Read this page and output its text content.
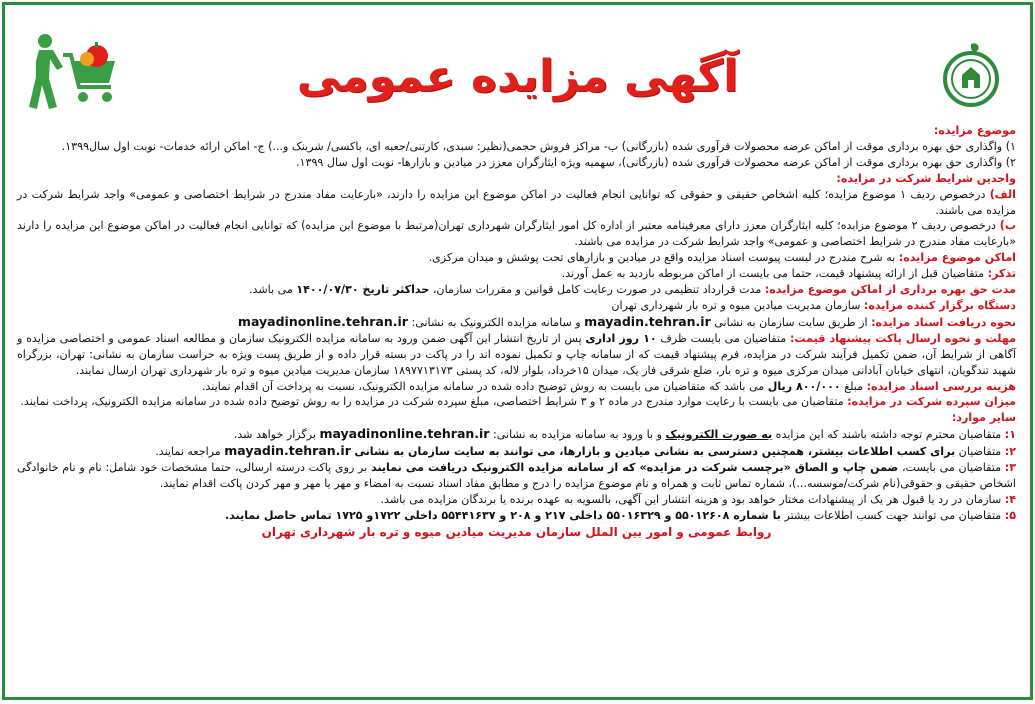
آگهی مزایده عمومی

موضوع مزایده:

۱) واگذاری حق بهره برداری موقت از اماکن عرضه محصولات فرآوری شده (بازرگانی) ب- مراکز فروش حجمی(نظیر: سبدی، کارتنی/جعبه ای، باکسی/ شرینک و...) ج- اماکن ارائه خدمات- نوبت اول سال۱۳۹۹.

۲) واگذاری حق بهره برداری موقت از اماکن عرضه محصولات فرآوری شده (بازرگانی)، سهمیه ویژه ایثارگران معزز در میادین و بازارها- نوبت اول سال ۱۳۹۹.

واجدین شرایط شرکت در مزایده:

الف) درخصوص ردیف ۱ موضوع مزایده؛ کلیه اشخاص حقیقی و حقوقی که توانایی انجام فعالیت در اماکن موضوع این مزایده را دارند، «بارعایت مفاد مندرج در شرایط اختصاصی و عمومی» واجد شرایط شرکت در مزایده می باشند.

ب) درخصوص ردیف ۲ موضوع مزایده؛ کلیه ایثارگران معزز دارای معرفینامه معتبر از اداره کل امور ایثارگران شهرداری تهران(مرتبط با موضوع این مزایده) که توانایی انجام فعالیت در اماکن موضوع این مزایده را دارند «بارعایت مفاد مندرج در شرایط اختصاصی و عمومی» واجد شرایط شرکت در مزایده می باشند.

اماکن موضوع مزایده: به شرح مندرج در لیست پیوست اسناد مزایده واقع در میادین و بازارهای تحت پوشش و میدان مرکزی.

تذکر: متقاضیان قبل از ارائه پیشنهاد قیمت، حتما می بایست از اماکن مربوطه بازدید به عمل آورند.

مدت حق بهره برداری از اماکن موضوع مزایده: مدت قرارداد تنظیمی در صورت رعایت کامل قوانین و مقررات سازمان، حداکثر تاریخ ۱۴۰۰/۰۷/۳۰ می باشد.

دستگاه برگزار کننده مزایده: سازمان مدیریت میادین میوه و تره بار شهرداری تهران

نحوه دریافت اسناد مزایده: از طریق سایت سازمان به نشانی mayadin.tehran.ir و سامانه مزایده الکترونیک به نشانی: mayadinonline.tehran.ir

مهلت و نحوه ارسال پاکت پیشنهاد قیمت: متقاضیان می بایست ظرف ۱۰ روز اداری پس از تاریخ انتشار این آگهی ضمن ورود به سامانه مزایده الکترونیک سازمان و مطالعه اسناد عمومی و اختصاصی مزایده و آگاهی از شرایط آن، ضمن تکمیل فرآیند شرکت در مزایده، فرم پیشنهاد قیمت که از سامانه چاپ و تکمیل نموده اند را در پاکت در بسته قرار داده و از طریق پست ویژه به حراست سازمان به نشانی: تهران، بزرگراه شهید تندگویان، انتهای خیابان آبادانی میدان مرکزی میوه و تره بار، ضلع شرقی فاز یک، میدان ۱۵خرداد، بلوار لاله، کد پستی ۱۸۹۷۷۱۳۱۷۳ سازمان مدیریت میادین میوه و تره بار شهرداری تهران ارسال نمایند.

هزینه بررسی اسناد مزایده: مبلغ ۸۰۰/۰۰۰ ریال می باشد که متقاضیان می بایست به روش توضیح داده شده در سامانه مزایده الکترونیک، نسبت به پرداخت آن اقدام نمایند.

میزان سپرده شرکت در مزایده: متقاضیان می بایست با رعایت موارد مندرج در ماده ۲ و ۳ شرایط اختصاصی، مبلغ سپرده شرکت در مزایده را به روش توضیح داده شده در سامانه مزایده الکترونیک، پرداخت نمایند.

سایر موارد:

۱: متقاضیان محترم توجه داشته باشند که این مزایده به صورت الکترونیک و با ورود به سامانه مزایده به نشانی: mayadinonline.tehran.ir برگزار خواهد شد.

۲: متقاضیان برای کسب اطلاعات بیشتر، همچنین دسترسی به نشانی میادین و بازارها، می توانند به سایت سازمان به نشانی mayadin.tehran.ir مراجعه نمایند.

۳: متقاضیان می بایست، ضمن چاپ و الصاق «برچسب شرکت در مزایده» که از سامانه مزایده الکترونیک دریافت می نمایند بر روی پاکت درسته ارسالی، حتما مشخصات خود شامل: نام و نام خانوادگی اشخاص حقیقی و حقوقی(نام شرکت/موسسه...)، شماره تماس ثابت و همراه و نام موضوع مزایده را درج و مطابق مفاد اسناد نسبت به امضاء و مهر یا مهر و مهر کردن پاکت اقدام نمایند.

۴: سازمان در رد یا قبول هر یک از پیشنهادات مختار خواهد بود و هزینه انتشار این آگهی، بالسویه به عهده برنده یا برندگان مزایده می باشد.

۵: متقاضیان می توانند جهت کسب اطلاعات بیشتر با شماره ۵۵۰۱۲۶۰۸ و ۵۵۰۱۶۳۲۹ داخلی ۲۱۷ و ۲۰۸ و ۵۵۴۴۱۶۳۷ داخلی ۱۷۲۲و ۱۷۲۵ تماس حاصل نمایند.

روابط عمومی و امور بین الملل سازمان مدیریت میادین میوه و تره بار شهرداری تهران
